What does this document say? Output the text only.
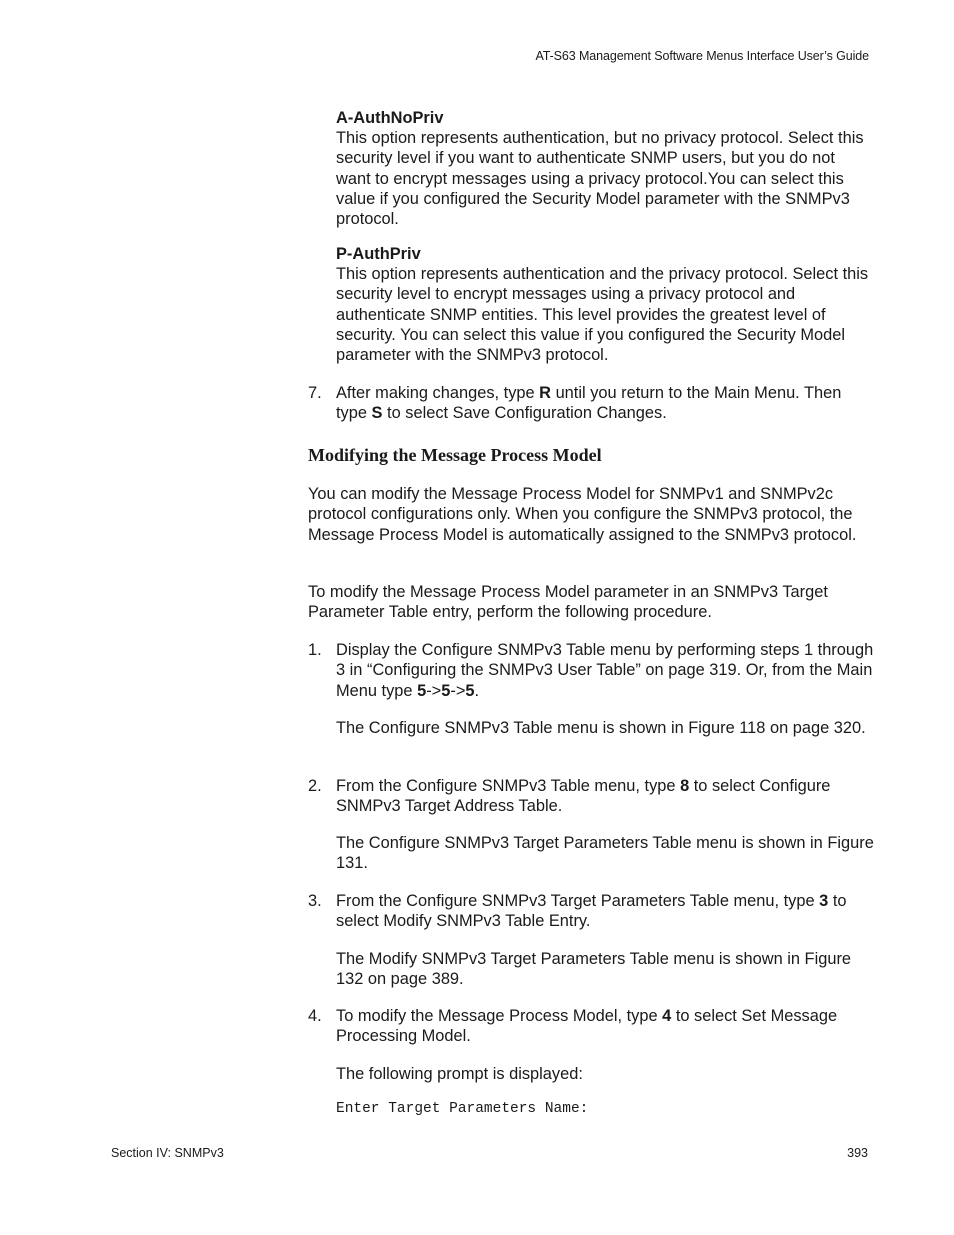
AT-S63 Management Software Menus Interface User’s Guide
A-AuthNoPriv

This option represents authentication, but no privacy protocol. Select this security level if you want to authenticate SNMP users, but you do not want to encrypt messages using a privacy protocol.You can select this value if you configured the Security Model parameter with the SNMPv3 protocol.

P-AuthPriv

This option represents authentication and the privacy protocol. Select this security level to encrypt messages using a privacy protocol and authenticate SNMP entities. This level provides the greatest level of security. You can select this value if you configured the Security Model parameter with the SNMPv3 protocol.

7. After making changes, type R until you return to the Main Menu. Then type S to select Save Configuration Changes.

Modifying the Message Process Model

You can modify the Message Process Model for SNMPv1 and SNMPv2c protocol configurations only. When you configure the SNMPv3 protocol, the Message Process Model is automatically assigned to the SNMPv3 protocol.

To modify the Message Process Model parameter in an SNMPv3 Target Parameter Table entry, perform the following procedure.

1. Display the Configure SNMPv3 Table menu by performing steps 1 through 3 in “Configuring the SNMPv3 User Table” on page 319. Or, from the Main Menu type 5->5->5.

The Configure SNMPv3 Table menu is shown in Figure 118 on page 320.

2. From the Configure SNMPv3 Table menu, type 8 to select Configure SNMPv3 Target Address Table.

The Configure SNMPv3 Target Parameters Table menu is shown in Figure 131.

3. From the Configure SNMPv3 Target Parameters Table menu, type 3 to select Modify SNMPv3 Table Entry.

The Modify SNMPv3 Target Parameters Table menu is shown in Figure 132 on page 389.

4. To modify the Message Process Model, type 4 to select Set Message Processing Model.

The following prompt is displayed:

Enter Target Parameters Name:
Section IV: SNMPv3	393
